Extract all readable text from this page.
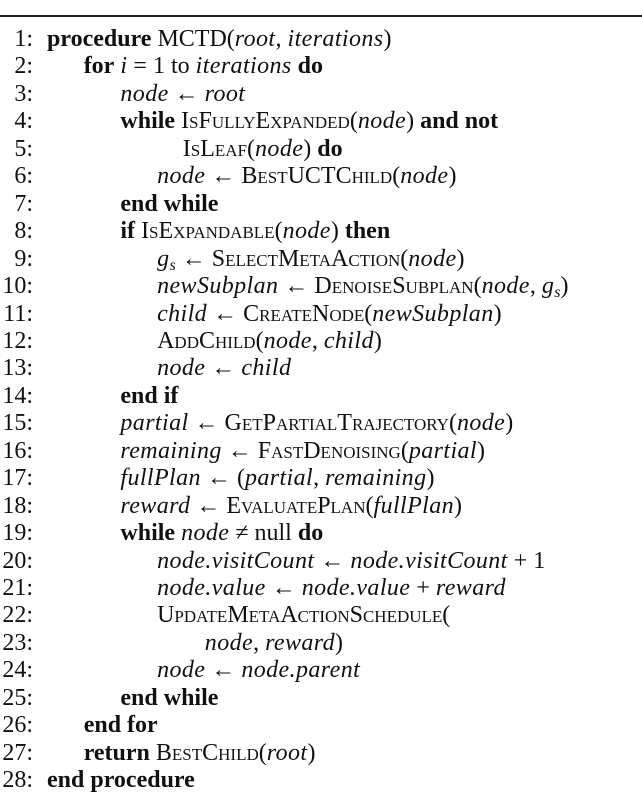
1: procedure MCTD(root, iterations)
2: for i = 1 to iterations do
3:	node ← root
4:	while IsFullyExpanded(node) and not
5:	IsLeaf(node) do
6:	node ← BestUCTChild(node)
7:	end while
8:	if IsExpandable(node) then
9:	gs ← SelectMetaAction(node)
10:	newSubplan ← DenoiseSubplan(node, gs)
11:	child ← CreateNode(newSubplan)
12:	AddChild(node, child)
13:	node ← child
14:	end if
15:	partial ← GetPartialTrajectory(node)
16:	remaining ← FastDenoising(partial)
17:	fullPlan ← (partial, remaining)
18:	reward ← EvaluatePlan(fullPlan)
19:	while node ≠ null do
20:	node.visitCount ← node.visitCount + 1
21:	node.value ← node.value + reward
22:	UpdateMetaActionSchedule(
23:	node, reward)
24:	node ← node.parent
25:	end while
26: end for
27: return BestChild(root)
28: end procedure
